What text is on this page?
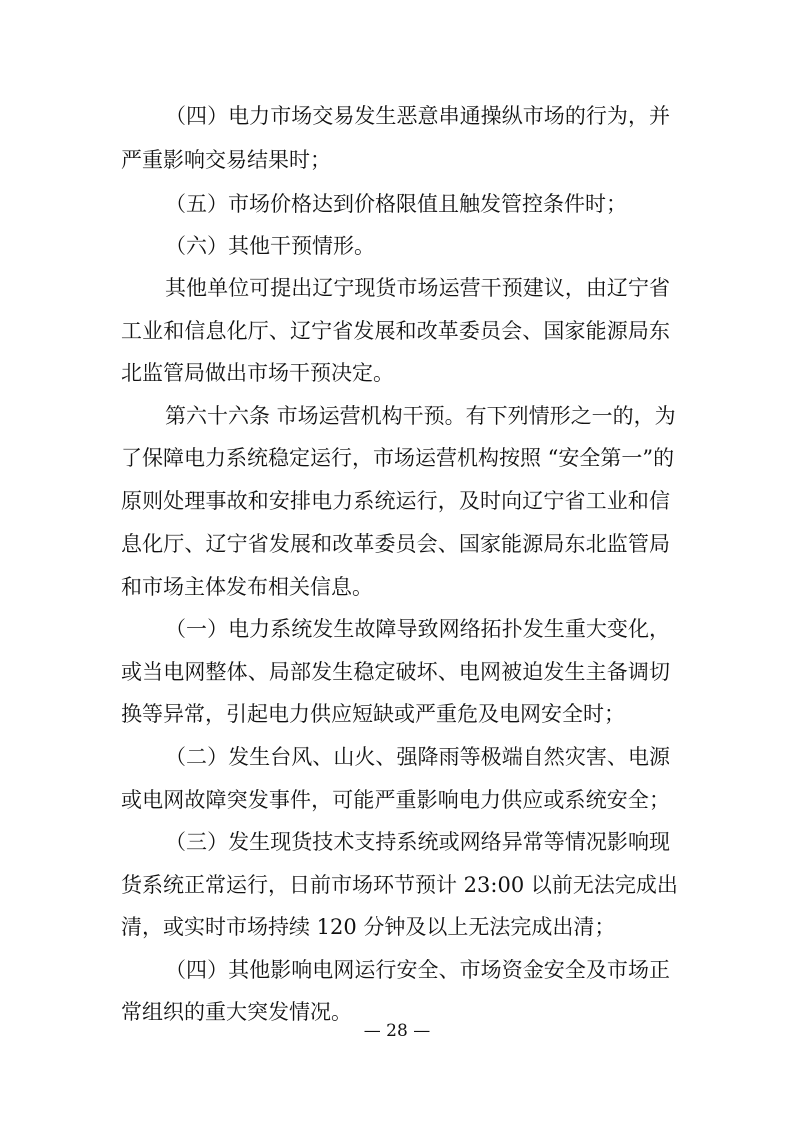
（四）电力市场交易发生恶意串通操纵市场的行为，并
严重影响交易结果时；
（五）市场价格达到价格限值且触发管控条件时；
（六）其他干预情形。
其他单位可提出辽宁现货市场运营干预建议，由辽宁省
工业和信息化厅、辽宁省发展和改革委员会、国家能源局东
北监管局做出市场干预决定。
第六十六条 市场运营机构干预。有下列情形之一的，为
了保障电力系统稳定运行，市场运营机构按照 “安全第一”的
原则处理事故和安排电力系统运行，及时向辽宁省工业和信
息化厅、辽宁省发展和改革委员会、国家能源局东北监管局
和市场主体发布相关信息。
（一）电力系统发生故障导致网络拓扑发生重大变化，
或当电网整体、局部发生稳定破坏、电网被迫发生主备调切
换等异常，引起电力供应短缺或严重危及电网安全时；
（二）发生台风、山火、强降雨等极端自然灾害、电源
或电网故障突发事件，可能严重影响电力供应或系统安全；
（三）发生现货技术支持系统或网络异常等情况影响现
货系统正常运行，日前市场环节预计 23:00 以前无法完成出
清，或实时市场持续 120 分钟及以上无法完成出清；
（四）其他影响电网运行安全、市场资金安全及市场正
常组织的重大突发情况。
— 28 —
